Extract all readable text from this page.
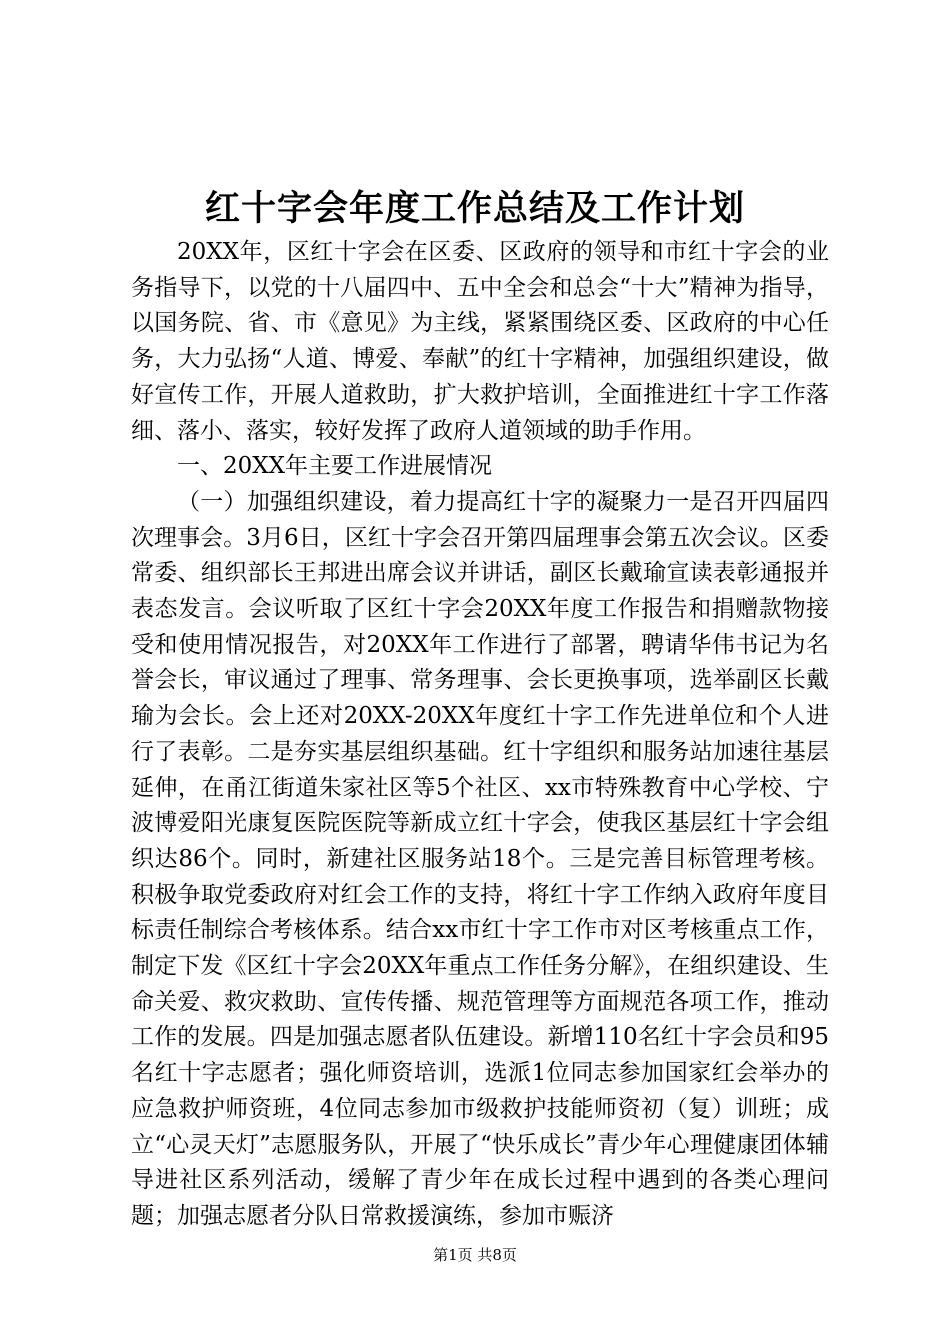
红十字会年度工作总结及工作计划

20XX年，区红十字会在区委、区政府的领导和市红十字会的业务指导下，以党的十八届四中、五中全会和总会“十大”精神为指导，以国务院、省、市《意见》为主线，紧紧围绕区委、区政府的中心任务，大力弘扬“人道、博爱、奉献”的红十字精神，加强组织建设，做好宣传工作，开展人道救助，扩大救护培训，全面推进红十字工作落细、落小、落实，较好发挥了政府人道领域的助手作用。

一、20XX年主要工作进展情况

（一）加强组织建设，着力提高红十字的凝聚力一是召开四届四次理事会。3月6日，区红十字会召开第四届理事会第五次会议。区委常委、组织部长王邦进出席会议并讲话，副区长戴瑜宣读表彰通报并表态发言。会议听取了区红十字会20XX年度工作报告和捐赠款物接受和使用情况报告，对20XX年工作进行了部署，聘请华伟书记为名誉会长，审议通过了理事、常务理事、会长更换事项，选举副区长戴瑜为会长。会上还对20XX-20XX年度红十字工作先进单位和个人进行了表彰。二是夯实基层组织基础。红十字组织和服务站加速往基层延伸，在甬江街道朱家社区等5个社区、xx市特殊教育中心学校、宁波博爱阳光康复医院医院等新成立红十字会，使我区基层红十字会组织达86个。同时，新建社区服务站18个。三是完善目标管理考核。积极争取党委政府对红会工作的支持，将红十字工作纳入政府年度目标责任制综合考核体系。结合xx市红十字工作市对区考核重点工作，制定下发《区红十字会20XX年重点工作任务分解》，在组织建设、生命关爱、救灾救助、宣传传播、规范管理等方面规范各项工作，推动工作的发展。四是加强志愿者队伍建设。新增110名红十字会员和95名红十字志愿者；强化师资培训，选派1位同志参加国家红会举办的应急救护师资班，4位同志参加市级救护技能师资初（复）训班；成立“心灵天灯”志愿服务队，开展了“快乐成长”青少年心理健康团体辅导进社区系列活动，缓解了青少年在成长过程中遇到的各类心理问题；加强志愿者分队日常救援演练，参加市赈济

第1页 共8页
